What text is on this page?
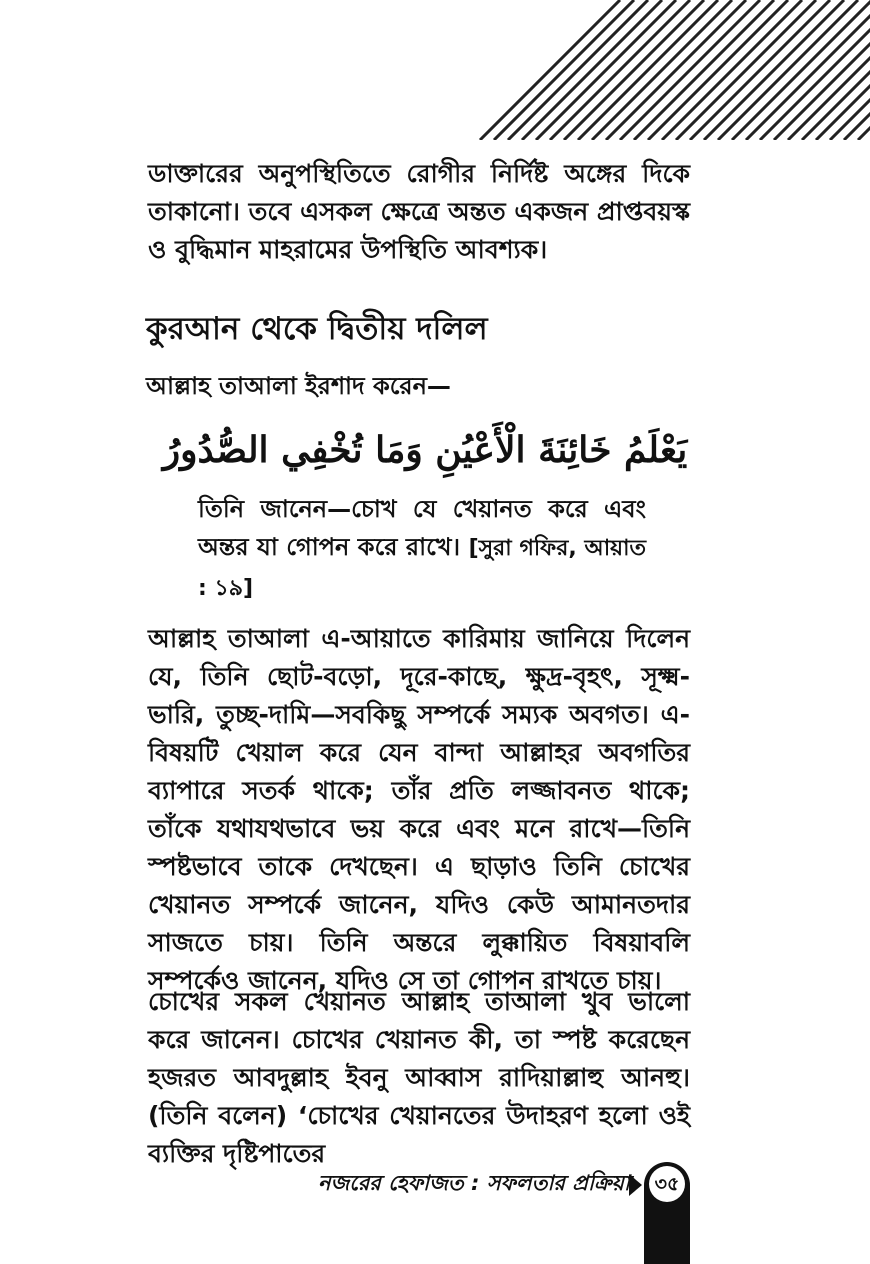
ডাক্তারের অনুপস্থিতিতে রোগীর নির্দিষ্ট অঙ্গের দিকে তাকানো। তবে এসকল ক্ষেত্রে অন্তত একজন প্রাপ্তবয়স্ক ও বুদ্ধিমান মাহরামের উপস্থিতি আবশ্যক।

কুরআন থেকে দ্বিতীয় দলিল

আল্লাহ তাআলা ইরশাদ করেন—

يَعْلَمُ خَائِنَةَ الْأَعْيُنِ وَمَا تُخْفِي الصُّدُورُ

তিনি জানেন—চোখ যে খেয়ানত করে এবং অন্তর যা গোপন করে রাখে। [সুরা গফির, আয়াত : ১৯]

আল্লাহ তাআলা এ-আয়াতে কারিমায় জানিয়ে দিলেন যে, তিনি ছোট-বড়ো, দূরে-কাছে, ক্ষুদ্র-বৃহৎ, সূক্ষ্ম-ভারি, তুচ্ছ-দামি—সবকিছু সম্পর্কে সম্যক অবগত। এ-বিষয়টি খেয়াল করে যেন বান্দা আল্লাহর অবগতির ব্যাপারে সতর্ক থাকে; তাঁর প্রতি লজ্জাবনত থাকে; তাঁকে যথাযথভাবে ভয় করে এবং মনে রাখে—তিনি স্পষ্টভাবে তাকে দেখছেন। এ ছাড়াও তিনি চোখের খেয়ানত সম্পর্কে জানেন, যদিও কেউ আমানতদার সাজতে চায়। তিনি অন্তরে লুক্কায়িত বিষয়াবলি সম্পর্কেও জানেন, যদিও সে তা গোপন রাখতে চায়।

চোখের সকল খেয়ানত আল্লাহ তাআলা খুব ভালো করে জানেন। চোখের খেয়ানত কী, তা স্পষ্ট করেছেন হজরত আবদুল্লাহ ইবনু আব্বাস রাদিয়াল্লাহু আনহু। (তিনি বলেন) ‘চোখের খেয়ানতের উদাহরণ হলো ওই ব্যক্তির দৃষ্টিপাতের

নজরের হেফাজত : সফলতার প্রক্রিয়া ৩৫
